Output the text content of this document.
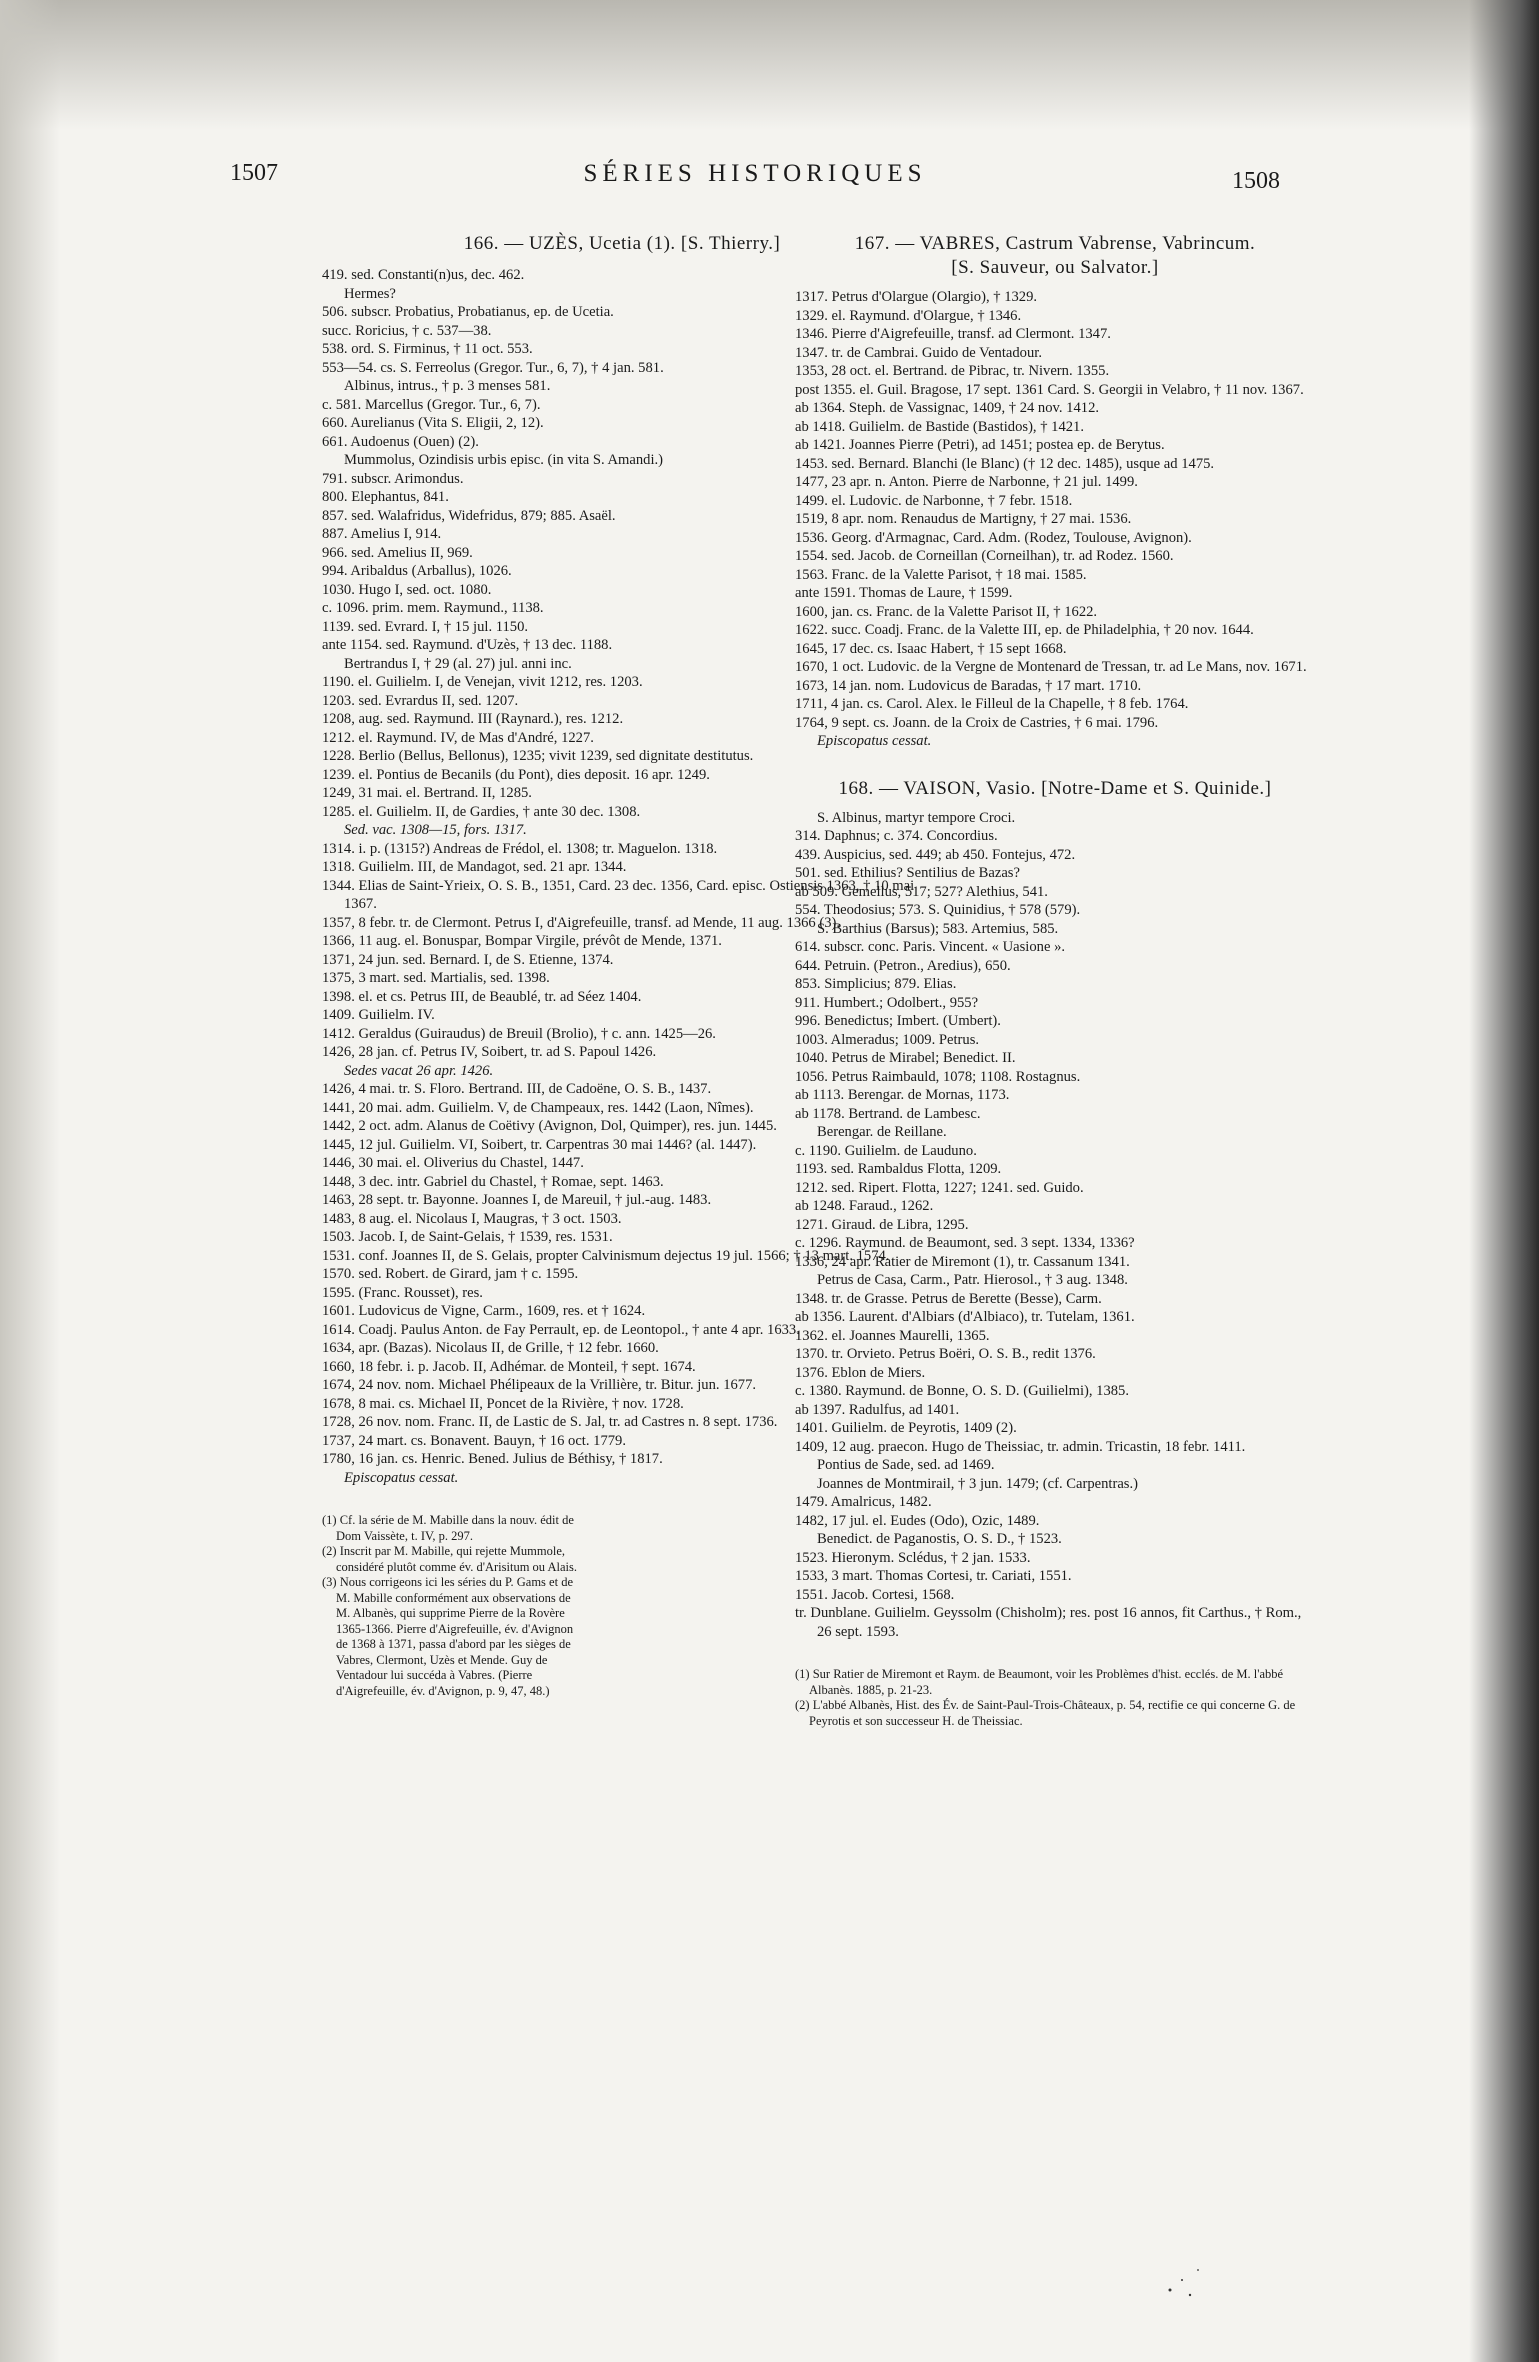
1507	SÉRIES HISTORIQUES	1508
166. — UZÈS, Ucetia (1). [S. Thierry.]
419. sed. Constanti(n)us, dec. 462.
Hermes?
506. subscr. Probatius, Probatianus, ep. de Ucetia.
succ. Roricius, † c. 537—38.
538. ord. S. Firminus, † 11 oct. 553.
553—54. cs. S. Ferreolus (Gregor. Tur., 6, 7), † 4 jan. 581.
Albinus, intrus., † p. 3 menses 581.
c. 581. Marcellus (Gregor. Tur., 6, 7).
660. Aurelianus (Vita S. Eligii, 2, 12).
661. Audoenus (Ouen) (2).
Mummolus, Ozindisis urbis episc. (in vita S. Amandi.)
791. subscr. Arimondus.
800. Elephantus, 841.
857. sed. Walafridus, Widefridus, 879; 885. Asaël.
887. Amelius I, 914.
966. sed. Amelius II, 969.
994. Aribaldus (Arballus), 1026.
1030. Hugo I, sed. oct. 1080.
c. 1096. prim. mem. Raymund., 1138.
1139. sed. Evrard. I, † 15 jul. 1150.
ante 1154. sed. Raymund. d'Uzès, † 13 dec. 1188.
Bertrandus I, † 29 (al. 27) jul. anni inc.
1190. el. Guilielm. I, de Venejan, vivit 1212, res. 1203.
1203. sed. Evrardus II, sed. 1207.
1208, aug. sed. Raymund. III (Raynard.), res. 1212.
1212. el. Raymund. IV, de Mas d'André, 1227.
1228. Berlio (Bellus, Bellonus), 1235; vivit 1239, sed dignitate destitutus.
1239. el. Pontius de Becanils (du Pont), dies deposit. 16 apr. 1249.
1249, 31 mai. el. Bertrand. II, 1285.
1285. el. Guilielm. II, de Gardies, † ante 30 dec. 1308.
Sed. vac. 1308—15, fors. 1317.
1314. i. p. (1315?) Andreas de Frédol, el. 1308; tr. Maguelon. 1318.
1318. Guilielm. III, de Mandagot, sed. 21 apr. 1344.
1344. Elias de Saint-Yrieix, O. S. B., 1351, Card. 23 dec. 1356, Card. episc. Ostiensis 1363, † 10 mai 1367.
1357, 8 febr. tr. de Clermont. Petrus I, d'Aigrefeuille, transf. ad Mende, 11 aug. 1366 (3).
1366, 11 aug. el. Bonuspar, Bompar Virgile, prévôt de Mende, 1371.
1371, 24 jun. sed. Bernard. I, de S. Etienne, 1374.
1375, 3 mart. sed. Martialis, sed. 1398.
1398. el. et cs. Petrus III, de Beaublé, tr. ad Séez 1404.
1409. Guilielm. IV.
1412. Geraldus (Guiraudus) de Breuil (Brolio), † c. ann. 1425—26.
1426, 28 jan. cf. Petrus IV, Soibert, tr. ad S. Papoul 1426.
Sedes vacat 26 apr. 1426.
1426, 4 mai. tr. S. Floro. Bertrand. III, de Cadoëne, O. S. B., 1437.
1441, 20 mai. adm. Guilielm. V, de Champeaux, res. 1442 (Laon, Nîmes).
1442, 2 oct. adm. Alanus de Coëtivy (Avignon, Dol, Quimper), res. jun. 1445.
1445, 12 jul. Guilielm. VI, Soibert, tr. Carpentras 30 mai 1446? (al. 1447).
1446, 30 mai. el. Oliverius du Chastel, 1447.
1448, 3 dec. intr. Gabriel du Chastel, † Romae, sept. 1463.
1463, 28 sept. tr. Bayonne. Joannes I, de Mareuil, † jul.-aug. 1483.
1483, 8 aug. el. Nicolaus I, Maugras, † 3 oct. 1503.
1503. Jacob. I, de Saint-Gelais, † 1539, res. 1531.
1531. conf. Joannes II, de S. Gelais, propter Calvinismum dejectus 19 jul. 1566; † 13 mart. 1574.
1570. sed. Robert. de Girard, jam † c. 1595.
1595. (Franc. Rousset), res.
1601. Ludovicus de Vigne, Carm., 1609, res. et † 1624.
1614. Coadj. Paulus Anton. de Fay Perrault, ep. de Leontopol., † ante 4 apr. 1633.
1634, apr. (Bazas). Nicolaus II, de Grille, † 12 febr. 1660.
1660, 18 febr. i. p. Jacob. II, Adhémar. de Monteil, † sept. 1674.
1674, 24 nov. nom. Michael Phélipeaux de la Vrillière, tr. Bitur. jun. 1677.
1678, 8 mai. cs. Michael II, Poncet de la Rivière, † nov. 1728.
1728, 26 nov. nom. Franc. II, de Lastic de S. Jal, tr. ad Castres n. 8 sept. 1736.
1737, 24 mart. cs. Bonavent. Bauyn, † 16 oct. 1779.
1780, 16 jan. cs. Henric. Bened. Julius de Béthisy, † 1817.
Episcopatus cessat.
(1) Cf. la série de M. Mabille dans la nouv. édit de Dom Vaissète, t. IV, p. 297.
(2) Inscrit par M. Mabille, qui rejette Mummole, considéré plutôt comme év. d'Arisitum ou Alais.
(3) Nous corrigeons ici les séries du P. Gams et de M. Mabille conformément aux observations de M. Albanès, qui supprime Pierre de la Rovère 1365-1366. Pierre d'Aigrefeuille, év. d'Avignon de 1368 à 1371, passa d'abord par les sièges de Vabres, Clermont, Uzès et Mende. Guy de Ventadour lui succéda à Vabres. (Pierre d'Aigrefeuille, év. d'Avignon, p. 9, 47, 48.)
167. — VABRES, Castrum Vabrense, Vabrincum.
[S. Sauveur, ou Salvator.]
1317. Petrus d'Olargue (Olargio), † 1329.
1329. el. Raymund. d'Olargue, † 1346.
1346. Pierre d'Aigrefeuille, transf. ad Clermont. 1347.
1347. tr. de Cambrai. Guido de Ventadour.
1353, 28 oct. el. Bertrand. de Pibrac, tr. Nivern. 1355.
post 1355. el. Guil. Bragose, 17 sept. 1361 Card. S. Georgii in Velabro, † 11 nov. 1367.
ab 1364. Steph. de Vassignac, 1409, † 24 nov. 1412.
ab 1418. Guilielm. de Bastide (Bastidos), † 1421.
ab 1421. Joannes Pierre (Petri), ad 1451; postea ep. de Berytus.
1453. sed. Bernard. Blanchi (le Blanc) († 12 dec. 1485), usque ad 1475.
1477, 23 apr. n. Anton. Pierre de Narbonne, † 21 jul. 1499.
1499. el. Ludovic. de Narbonne, † 7 febr. 1518.
1519, 8 apr. nom. Renaudus de Martigny, † 27 mai. 1536.
1536. Georg. d'Armagnac, Card. Adm. (Rodez, Toulouse, Avignon).
1554. sed. Jacob. de Corneillan (Corneilhan), tr. ad Rodez. 1560.
1563. Franc. de la Valette Parisot, † 18 mai. 1585.
ante 1591. Thomas de Laure, † 1599.
1600, jan. cs. Franc. de la Valette Parisot II, † 1622.
1622. succ. Coadj. Franc. de la Valette III, ep. de Philadelphia, † 20 nov. 1644.
1645, 17 dec. cs. Isaac Habert, † 15 sept 1668.
1670, 1 oct. Ludovic. de la Vergne de Montenard de Tressan, tr. ad Le Mans, nov. 1671.
1673, 14 jan. nom. Ludovicus de Baradas, † 17 mart. 1710.
1711, 4 jan. cs. Carol. Alex. le Filleul de la Chapelle, † 8 feb. 1764.
1764, 9 sept. cs. Joann. de la Croix de Castries, † 6 mai. 1796.
Episcopatus cessat.
168. — VAISON, Vasio. [Notre-Dame et S. Quinide.]
S. Albinus, martyr tempore Croci.
314. Daphnus; c. 374. Concordius.
439. Auspicius, sed. 449; ab 450. Fontejus, 472.
501. sed. Ethilius? Sentilius de Bazas?
ab 509. Gemellus, 517; 527? Alethius, 541.
554. Theodosius; 573. S. Quinidius, † 578 (579).
S. Barthius (Barsus); 583. Artemius, 585.
614. subscr. conc. Paris. Vincent. « Uasione ».
644. Petruin. (Petron., Aredius), 650.
853. Simplicius; 879. Elias.
911. Humbert.; Odolbert., 955?
996. Benedictus; Imbert. (Umbert).
1003. Almeradus; 1009. Petrus.
1040. Petrus de Mirabel; Benedict. II.
1056. Petrus Raimbauld, 1078; 1108. Rostagnus.
ab 1113. Berengar. de Mornas, 1173.
ab 1178. Bertrand. de Lambesc.
Berengar. de Reillane.
c. 1190. Guilielm. de Lauduno.
1193. sed. Rambaldus Flotta, 1209.
1212. sed. Ripert. Flotta, 1227; 1241. sed. Guido.
ab 1248. Faraud., 1262.
1271. Giraud. de Libra, 1295.
c. 1296. Raymund. de Beaumont, sed. 3 sept. 1334, 1336?
1336, 24 apr. Ratier de Miremont (1), tr. Cassanum 1341.
Petrus de Casa, Carm., Patr. Hierosol., † 3 aug. 1348.
1348. tr. de Grasse. Petrus de Berette (Besse), Carm.
ab 1356. Laurent. d'Albiars (d'Albiaco), tr. Tutelam, 1361.
1362. el. Joannes Maurelli, 1365.
1370. tr. Orvieto. Petrus Boëri, O. S. B., redit 1376.
1376. Eblon de Miers.
c. 1380. Raymund. de Bonne, O. S. D. (Guilielmi), 1385.
ab 1397. Radulfus, ad 1401.
1401. Guilielm. de Peyrotis, 1409 (2).
1409, 12 aug. praecon. Hugo de Theissiac, tr. admin. Tricastin, 18 febr. 1411.
Pontius de Sade, sed. ad 1469.
Joannes de Montmirail, † 3 jun. 1479; (cf. Carpentras.)
1479. Amalricus, 1482.
1482, 17 jul. el. Eudes (Odo), Ozic, 1489.
Benedict. de Paganostis, O. S. D., † 1523.
1523. Hieronym. Sclédus, † 2 jan. 1533.
1533, 3 mart. Thomas Cortesi, tr. Cariati, 1551.
1551. Jacob. Cortesi, 1568.
tr. Dunblane. Guilielm. Geyssolm (Chisholm); res. post 16 annos, fit Carthus., † Rom., 26 sept. 1593.
(1) Sur Ratier de Miremont et Raym. de Beaumont, voir les Problèmes d'hist. ecclés. de M. l'abbé Albanès. 1885, p. 21-23.
(2) L'abbé Albanès, Hist. des Év. de Saint-Paul-Trois-Châteaux, p. 54, rectifie ce qui concerne G. de Peyrotis et son successeur H. de Theissiac.
